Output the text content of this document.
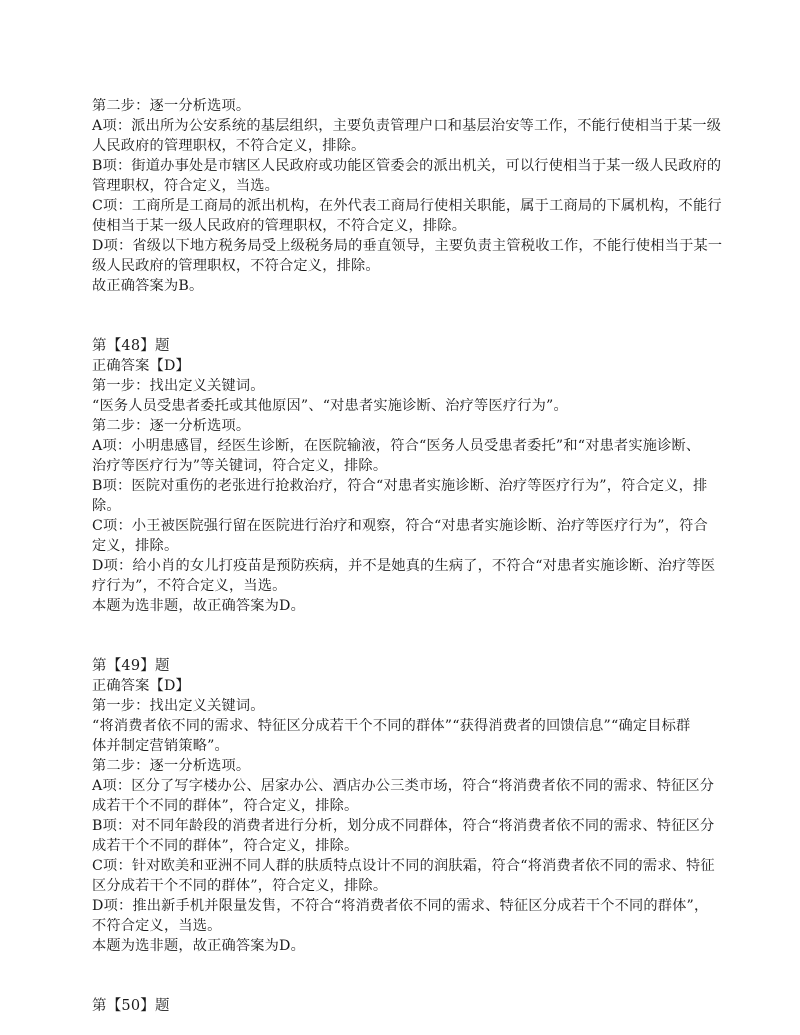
第二步：逐一分析选项。
A项：派出所为公安系统的基层组织，主要负责管理户口和基层治安等工作，不能行使相当于某一级
人民政府的管理职权，不符合定义，排除。
B项：街道办事处是市辖区人民政府或功能区管委会的派出机关，可以行使相当于某一级人民政府的
管理职权，符合定义，当选。
C项：工商所是工商局的派出机构，在外代表工商局行使相关职能，属于工商局的下属机构，不能行
使相当于某一级人民政府的管理职权，不符合定义，排除。
D项：省级以下地方税务局受上级税务局的垂直领导，主要负责主管税收工作，不能行使相当于某一
级人民政府的管理职权，不符合定义，排除。
故正确答案为B。
第【48】题
正确答案【D】
第一步：找出定义关键词。
“医务人员受患者委托或其他原因”、“对患者实施诊断、治疗等医疗行为”。
第二步：逐一分析选项。
A项：小明患感冒，经医生诊断，在医院输液，符合“医务人员受患者委托”和“对患者实施诊断、
治疗等医疗行为”等关键词，符合定义，排除。
B项：医院对重伤的老张进行抢救治疗，符合“对患者实施诊断、治疗等医疗行为”，符合定义，排
除。
C项：小王被医院强行留在医院进行治疗和观察，符合“对患者实施诊断、治疗等医疗行为”，符合
定义，排除。
D项：给小肖的女儿打疫苗是预防疾病，并不是她真的生病了，不符合“对患者实施诊断、治疗等医
疗行为”，不符合定义，当选。
本题为选非题，故正确答案为D。
第【49】题
正确答案【D】
第一步：找出定义关键词。
“将消费者依不同的需求、特征区分成若干个不同的群体”“获得消费者的回馈信息”“确定目标群
体并制定营销策略”。
第二步：逐一分析选项。
A项：区分了写字楼办公、居家办公、酒店办公三类市场，符合“将消费者依不同的需求、特征区分
成若干个不同的群体”，符合定义，排除。
B项：对不同年龄段的消费者进行分析，划分成不同群体，符合“将消费者依不同的需求、特征区分
成若干个不同的群体”，符合定义，排除。
C项：针对欧美和亚洲不同人群的肤质特点设计不同的润肤霜，符合“将消费者依不同的需求、特征
区分成若干个不同的群体”，符合定义，排除。
D项：推出新手机并限量发售，不符合“将消费者依不同的需求、特征区分成若干个不同的群体”，
不符合定义，当选。
本题为选非题，故正确答案为D。
第【50】题
